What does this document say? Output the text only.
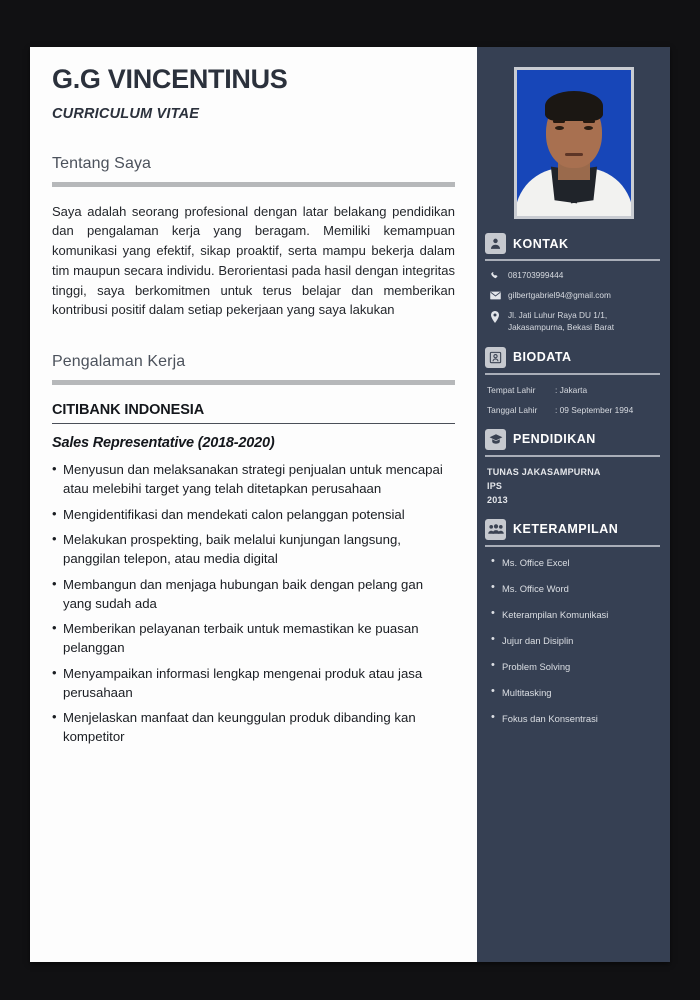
G.G VINCENTINUS
CURRICULUM VITAE
Tentang Saya
Saya adalah seorang profesional dengan latar belakang pendidikan dan pengalaman kerja yang beragam. Memiliki kemampuan komunikasi yang efektif, sikap proaktif, serta mampu bekerja dalam tim maupun secara individu. Berorientasi pada hasil dengan integritas tinggi, saya berkomitmen untuk terus belajar dan memberikan kontribusi positif dalam setiap pekerjaan yang saya lakukan
Pengalaman Kerja
CITIBANK INDONESIA
Sales Representative (2018-2020)
• Menyusun dan melaksanakan strategi penjualan untuk mencapai atau melebihi target yang telah ditetapkan perusahaan
• Mengidentifikasi dan mendekati calon pelanggan potensial
• Melakukan prospekting, baik melalui kunjungan langsung, panggilan telepon, atau media digital
• Membangun dan menjaga hubungan baik dengan pelang gan yang sudah ada
• Memberikan pelayanan terbaik untuk memastikan ke puasan pelanggan
• Menyampaikan informasi lengkap mengenai produk atau jasa perusahaan
• Menjelaskan manfaat dan keunggulan produk dibanding kan kompetitor
KONTAK
081703999444
gilbertgabriel94@gmail.com
Jl. Jati Luhur Raya DU 1/1, Jakasampurna, Bekasi Barat
BIODATA
Tempat Lahir	: Jakarta
Tanggal Lahir	: 09 September 1994
PENDIDIKAN
TUNAS JAKASAMPURNA
IPS
2013
KETERAMPILAN
• Ms. Office Excel
• Ms. Office Word
• Keterampilan Komunikasi
• Jujur dan Disiplin
• Problem Solving
• Multitasking
• Fokus dan Konsentrasi
